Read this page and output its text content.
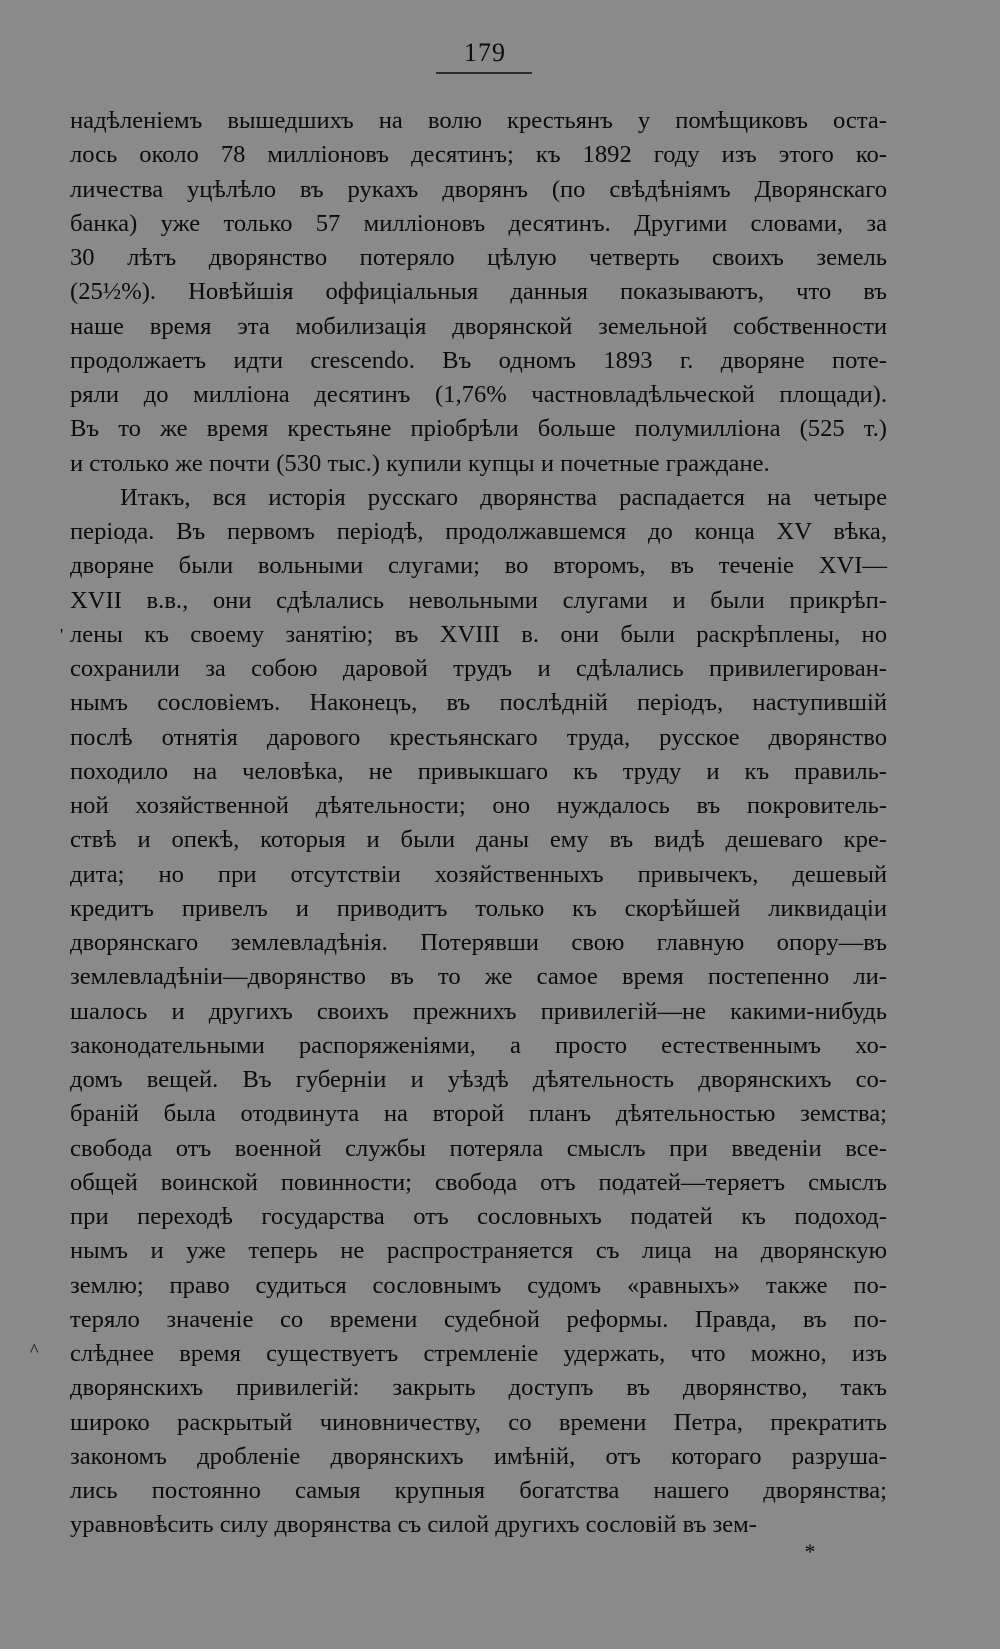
179
надѣленіемъ вышедшихъ на волю крестьянъ у помѣщиковъ оста-
лось около 78 милліоновъ десятинъ; къ 1892 году изъ этого ко-
личества уцѣлѣло въ рукахъ дворянъ (по свѣдѣніямъ Дворянскаго
банка) уже только 57 милліоновъ десятинъ. Другими словами, за
30 лѣтъ дворянство потеряло цѣлую четверть своихъ земель
(25½%). Новѣйшія оффиціальныя данныя показываютъ, что въ
наше время эта мобилизація дворянской земельной собственности
продолжаетъ идти crescendo. Въ одномъ 1893 г. дворяне поте-
ряли до милліона десятинъ (1,76% частновладѣльческой площади).
Въ то же время крестьяне пріобрѣли больше полумилліона (525 т.)
и столько же почти (530 тыс.) купили купцы и почетные граждане.
Итакъ, вся исторія русскаго дворянства распадается на четыре
періода. Въ первомъ періодѣ, продолжавшемся до конца XV вѣка,
дворяне были вольными слугами; во второмъ, въ теченіе XVI—
XVII в.в., они сдѣлались невольными слугами и были прикрѣп-
лены къ своему занятію; въ XVIII в. они были раскрѣплены, но
сохранили за собою даровой трудъ и сдѣлались привилегирован-
нымъ сословіемъ. Наконецъ, въ послѣдній періодъ, наступившій
послѣ отнятія дарового крестьянскаго труда, русское дворянство
походило на человѣка, не привыкшаго къ труду и къ правиль-
ной хозяйственной дѣятельности; оно нуждалось въ покровитель-
ствѣ и опекѣ, которыя и были даны ему въ видѣ дешеваго кре-
дита; но при отсутствіи хозяйственныхъ привычекъ, дешевый
кредитъ привелъ и приводитъ только къ скорѣйшей ликвидаціи
дворянскаго землевладѣнія. Потерявши свою главную опору—въ
землевладѣніи—дворянство въ то же самое время постепенно ли-
шалось и другихъ своихъ прежнихъ привилегій—не какими-нибудь
законодательными распоряженіями, а просто естественнымъ хо-
домъ вещей. Въ губерніи и уѣздѣ дѣятельность дворянскихъ со-
браній была отодвинута на второй планъ дѣятельностью земства;
свобода отъ военной службы потеряла смыслъ при введеніи все-
общей воинской повинности; свобода отъ податей—теряетъ смыслъ
при переходѣ государства отъ сословныхъ податей къ подоход-
нымъ и уже теперь не распространяется съ лица на дворянскую
землю; право судиться сословнымъ судомъ «равныхъ» также по-
теряло значеніе со времени судебной реформы. Правда, въ по-
слѣднее время существуетъ стремленіе удержать, что можно, изъ
дворянскихъ привилегій: закрыть доступъ въ дворянство, такъ
широко раскрытый чиновничеству, со времени Петра, прекратить
закономъ дробленіе дворянскихъ имѣній, отъ котораго разруша-
лись постоянно самыя крупныя богатства нашего дворянства;
уравновѣсить силу дворянства съ силой другихъ сословій въ зем-
'
^
*
